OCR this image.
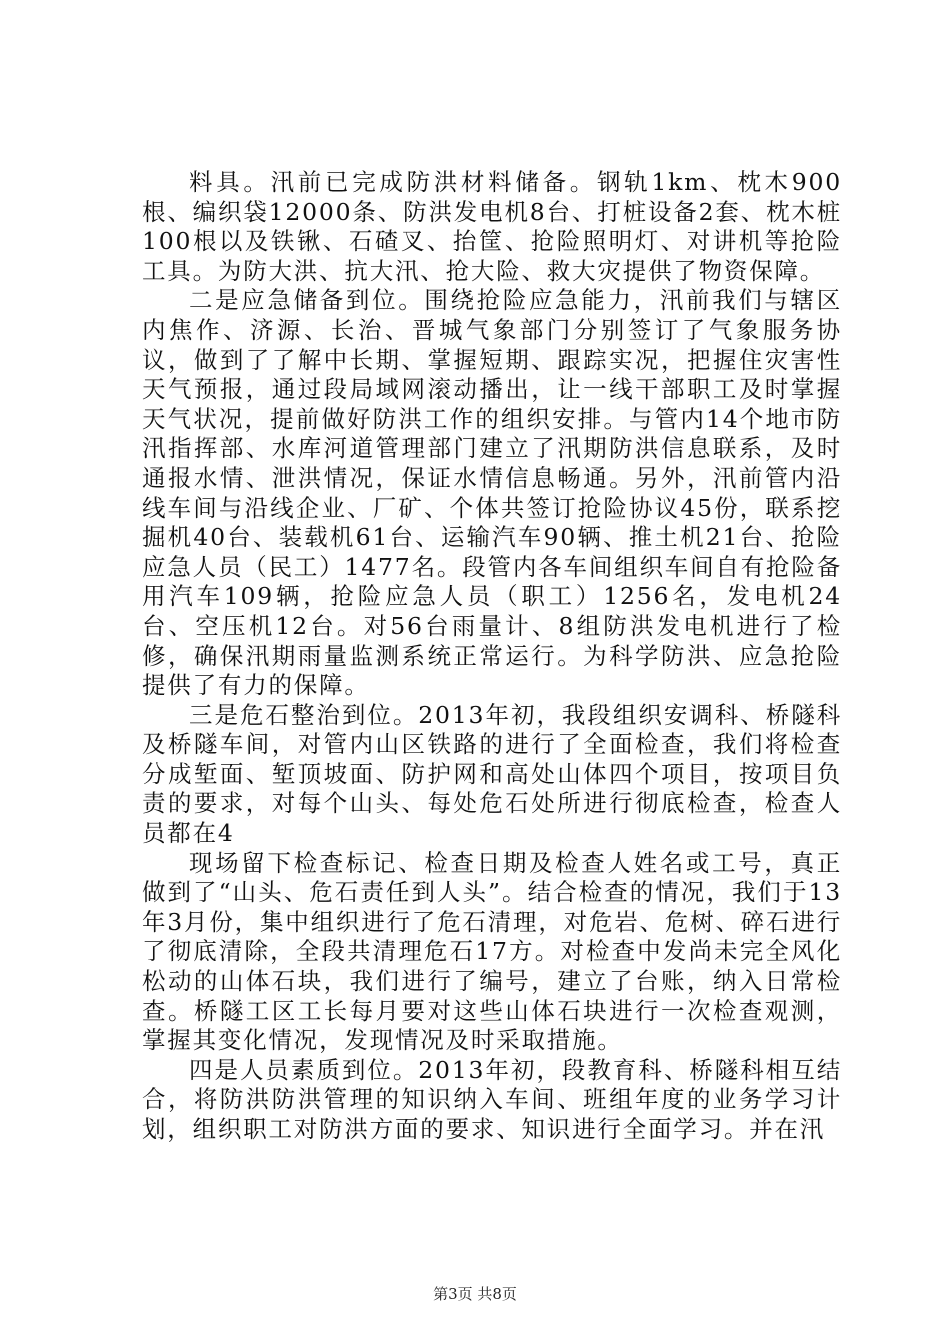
料具。汛前已完成防洪材料储备。钢轨1km、枕木900根、编织袋12000条、防洪发电机8台、打桩设备2套、枕木桩100根以及铁锹、石碴叉、抬筐、抢险照明灯、对讲机等抢险工具。为防大洪、抗大汛、抢大险、救大灾提供了物资保障。

二是应急储备到位。围绕抢险应急能力，汛前我们与辖区内焦作、济源、长治、晋城气象部门分别签订了气象服务协议，做到了了解中长期、掌握短期、跟踪实况，把握住灾害性天气预报，通过段局域网滚动播出，让一线干部职工及时掌握天气状况，提前做好防洪工作的组织安排。与管内14个地市防汛指挥部、水库河道管理部门建立了汛期防洪信息联系，及时通报水情、泄洪情况，保证水情信息畅通。另外，汛前管内沿线车间与沿线企业、厂矿、个体共签订抢险协议45份，联系挖掘机40台、装载机61台、运输汽车90辆、推土机21台、抢险应急人员（民工）1477名。段管内各车间组织车间自有抢险备用汽车109辆，抢险应急人员（职工）1256名，发电机24台、空压机12台。对56台雨量计、8组防洪发电机进行了检修，确保汛期雨量监测系统正常运行。为科学防洪、应急抢险提供了有力的保障。

三是危石整治到位。2013年初，我段组织安调科、桥隧科及桥隧车间，对管内山区铁路的进行了全面检查，我们将检查分成堑面、堑顶坡面、防护网和高处山体四个项目，按项目负责的要求，对每个山头、每处危石处所进行彻底检查，检查人员都在4

现场留下检查标记、检查日期及检查人姓名或工号，真正做到了“山头、危石责任到人头”。结合检查的情况，我们于13年3月份，集中组织进行了危石清理，对危岩、危树、碎石进行了彻底清除，全段共清理危石17方。对检查中发尚未完全风化松动的山体石块，我们进行了编号，建立了台账，纳入日常检查。桥隧工区工长每月要对这些山体石块进行一次检查观测，掌握其变化情况，发现情况及时采取措施。

四是人员素质到位。2013年初，段教育科、桥隧科相互结合，将防洪防洪管理的知识纳入车间、班组年度的业务学习计划，组织职工对防洪方面的要求、知识进行全面学习。并在汛

第3页 共8页
